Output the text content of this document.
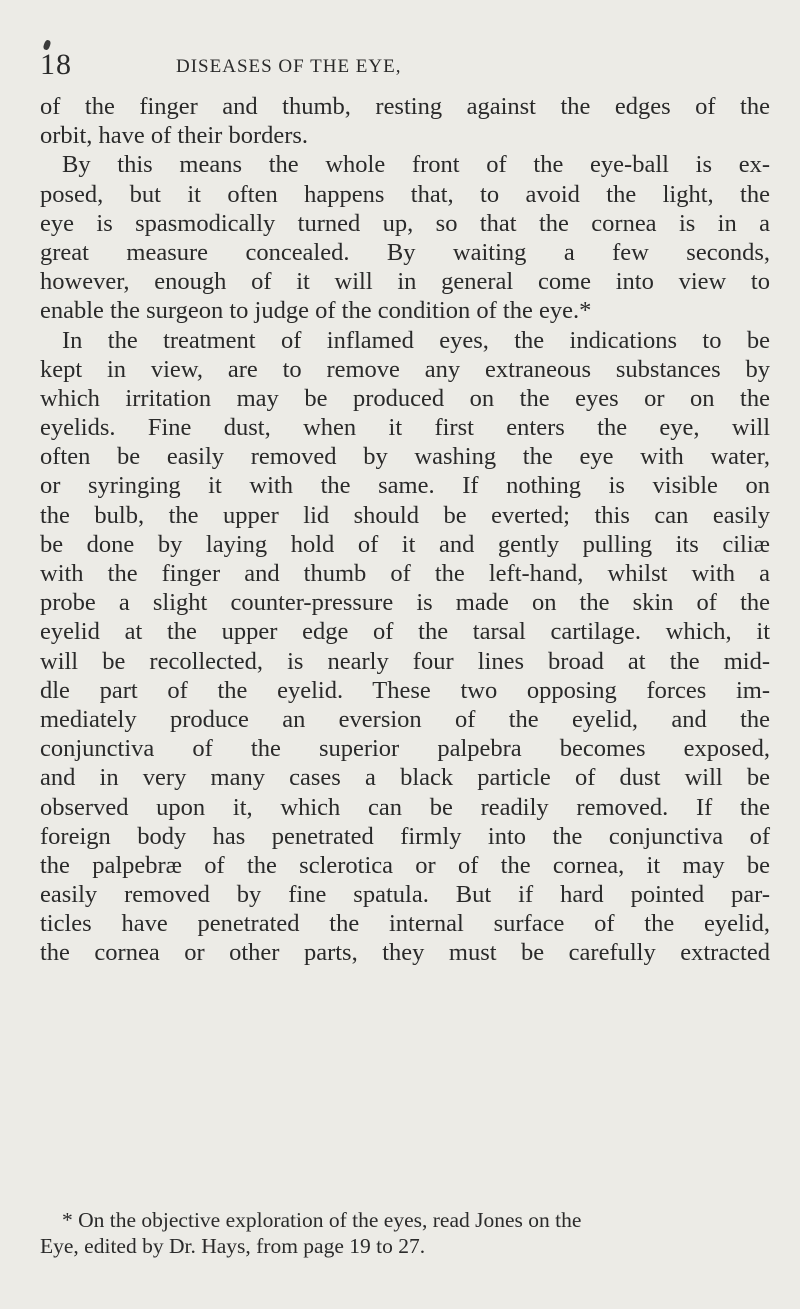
18	DISEASES OF THE EYE,
of the finger and thumb, resting against the edges of the
orbit, have of their borders.
By this means the whole front of the eye-ball is ex-
posed, but it often happens that, to avoid the light, the
eye is spasmodically turned up, so that the cornea is in a
great measure concealed. By waiting a few seconds,
however, enough of it will in general come into view to
enable the surgeon to judge of the condition of the eye.*
In the treatment of inflamed eyes, the indications to be
kept in view, are to remove any extraneous substances by
which irritation may be produced on the eyes or on the
eyelids. Fine dust, when it first enters the eye, will
often be easily removed by washing the eye with water,
or syringing it with the same. If nothing is visible on
the bulb, the upper lid should be everted; this can easily
be done by laying hold of it and gently pulling its ciliæ
with the finger and thumb of the left-hand, whilst with a
probe a slight counter-pressure is made on the skin of the
eyelid at the upper edge of the tarsal cartilage. which, it
will be recollected, is nearly four lines broad at the mid-
dle part of the eyelid. These two opposing forces im-
mediately produce an eversion of the eyelid, and the
conjunctiva of the superior palpebra becomes exposed,
and in very many cases a black particle of dust will be
observed upon it, which can be readily removed. If the
foreign body has penetrated firmly into the conjunctiva of
the palpebræ of the sclerotica or of the cornea, it may be
easily removed by fine spatula. But if hard pointed par-
ticles have penetrated the internal surface of the eyelid,
the cornea or other parts, they must be carefully extracted
* On the objective exploration of the eyes, read Jones on the
Eye, edited by Dr. Hays, from page 19 to 27.
